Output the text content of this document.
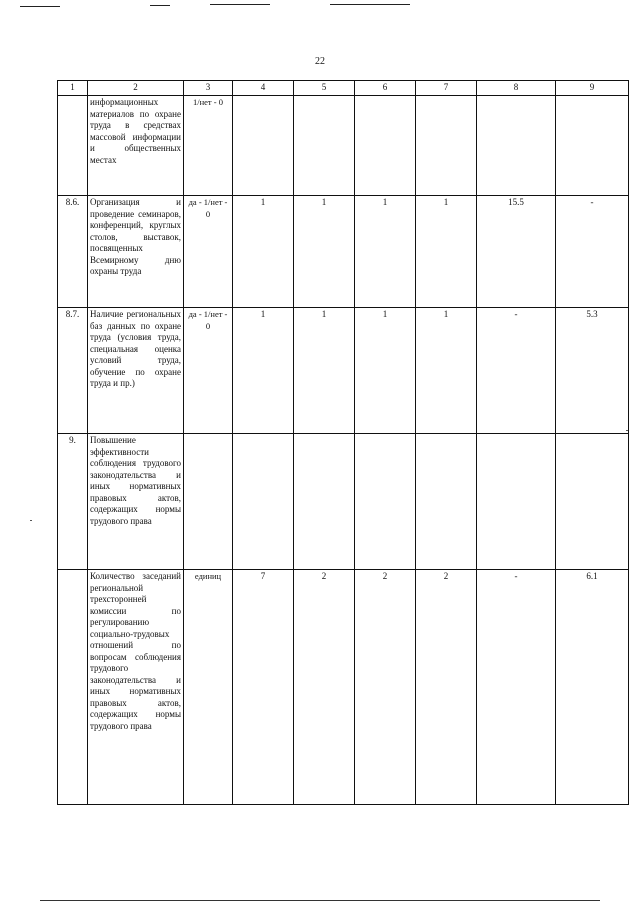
22
1	2	3	4	5	6	7	8	9
	информационных материалов по охране труда в средствах массовой информации и общественных местах	1/нет - 0						
8.6.	Организация и проведение семинаров, конференций, круглых столов, выставок, посвященных Всемирному дню охраны труда	да - 1/нет - 0	1	1	1	1	15.5	-
8.7.	Наличие региональных баз данных по охране труда (условия труда, специальная оценка условий труда, обучение по охране труда и пр.)	да - 1/нет - 0	1	1	1	1	-	5.3
9.	Повышение эффективности соблюдения трудового законодательства и иных нормативных правовых актов, содержащих нормы трудового права							
	Количество заседаний региональной трехсторонней комиссии по регулированию социально-трудовых отношений по вопросам соблюдения трудового законодательства и иных нормативных правовых актов, содержащих нормы трудового права	единиц	7	2	2	2	-	6.1
